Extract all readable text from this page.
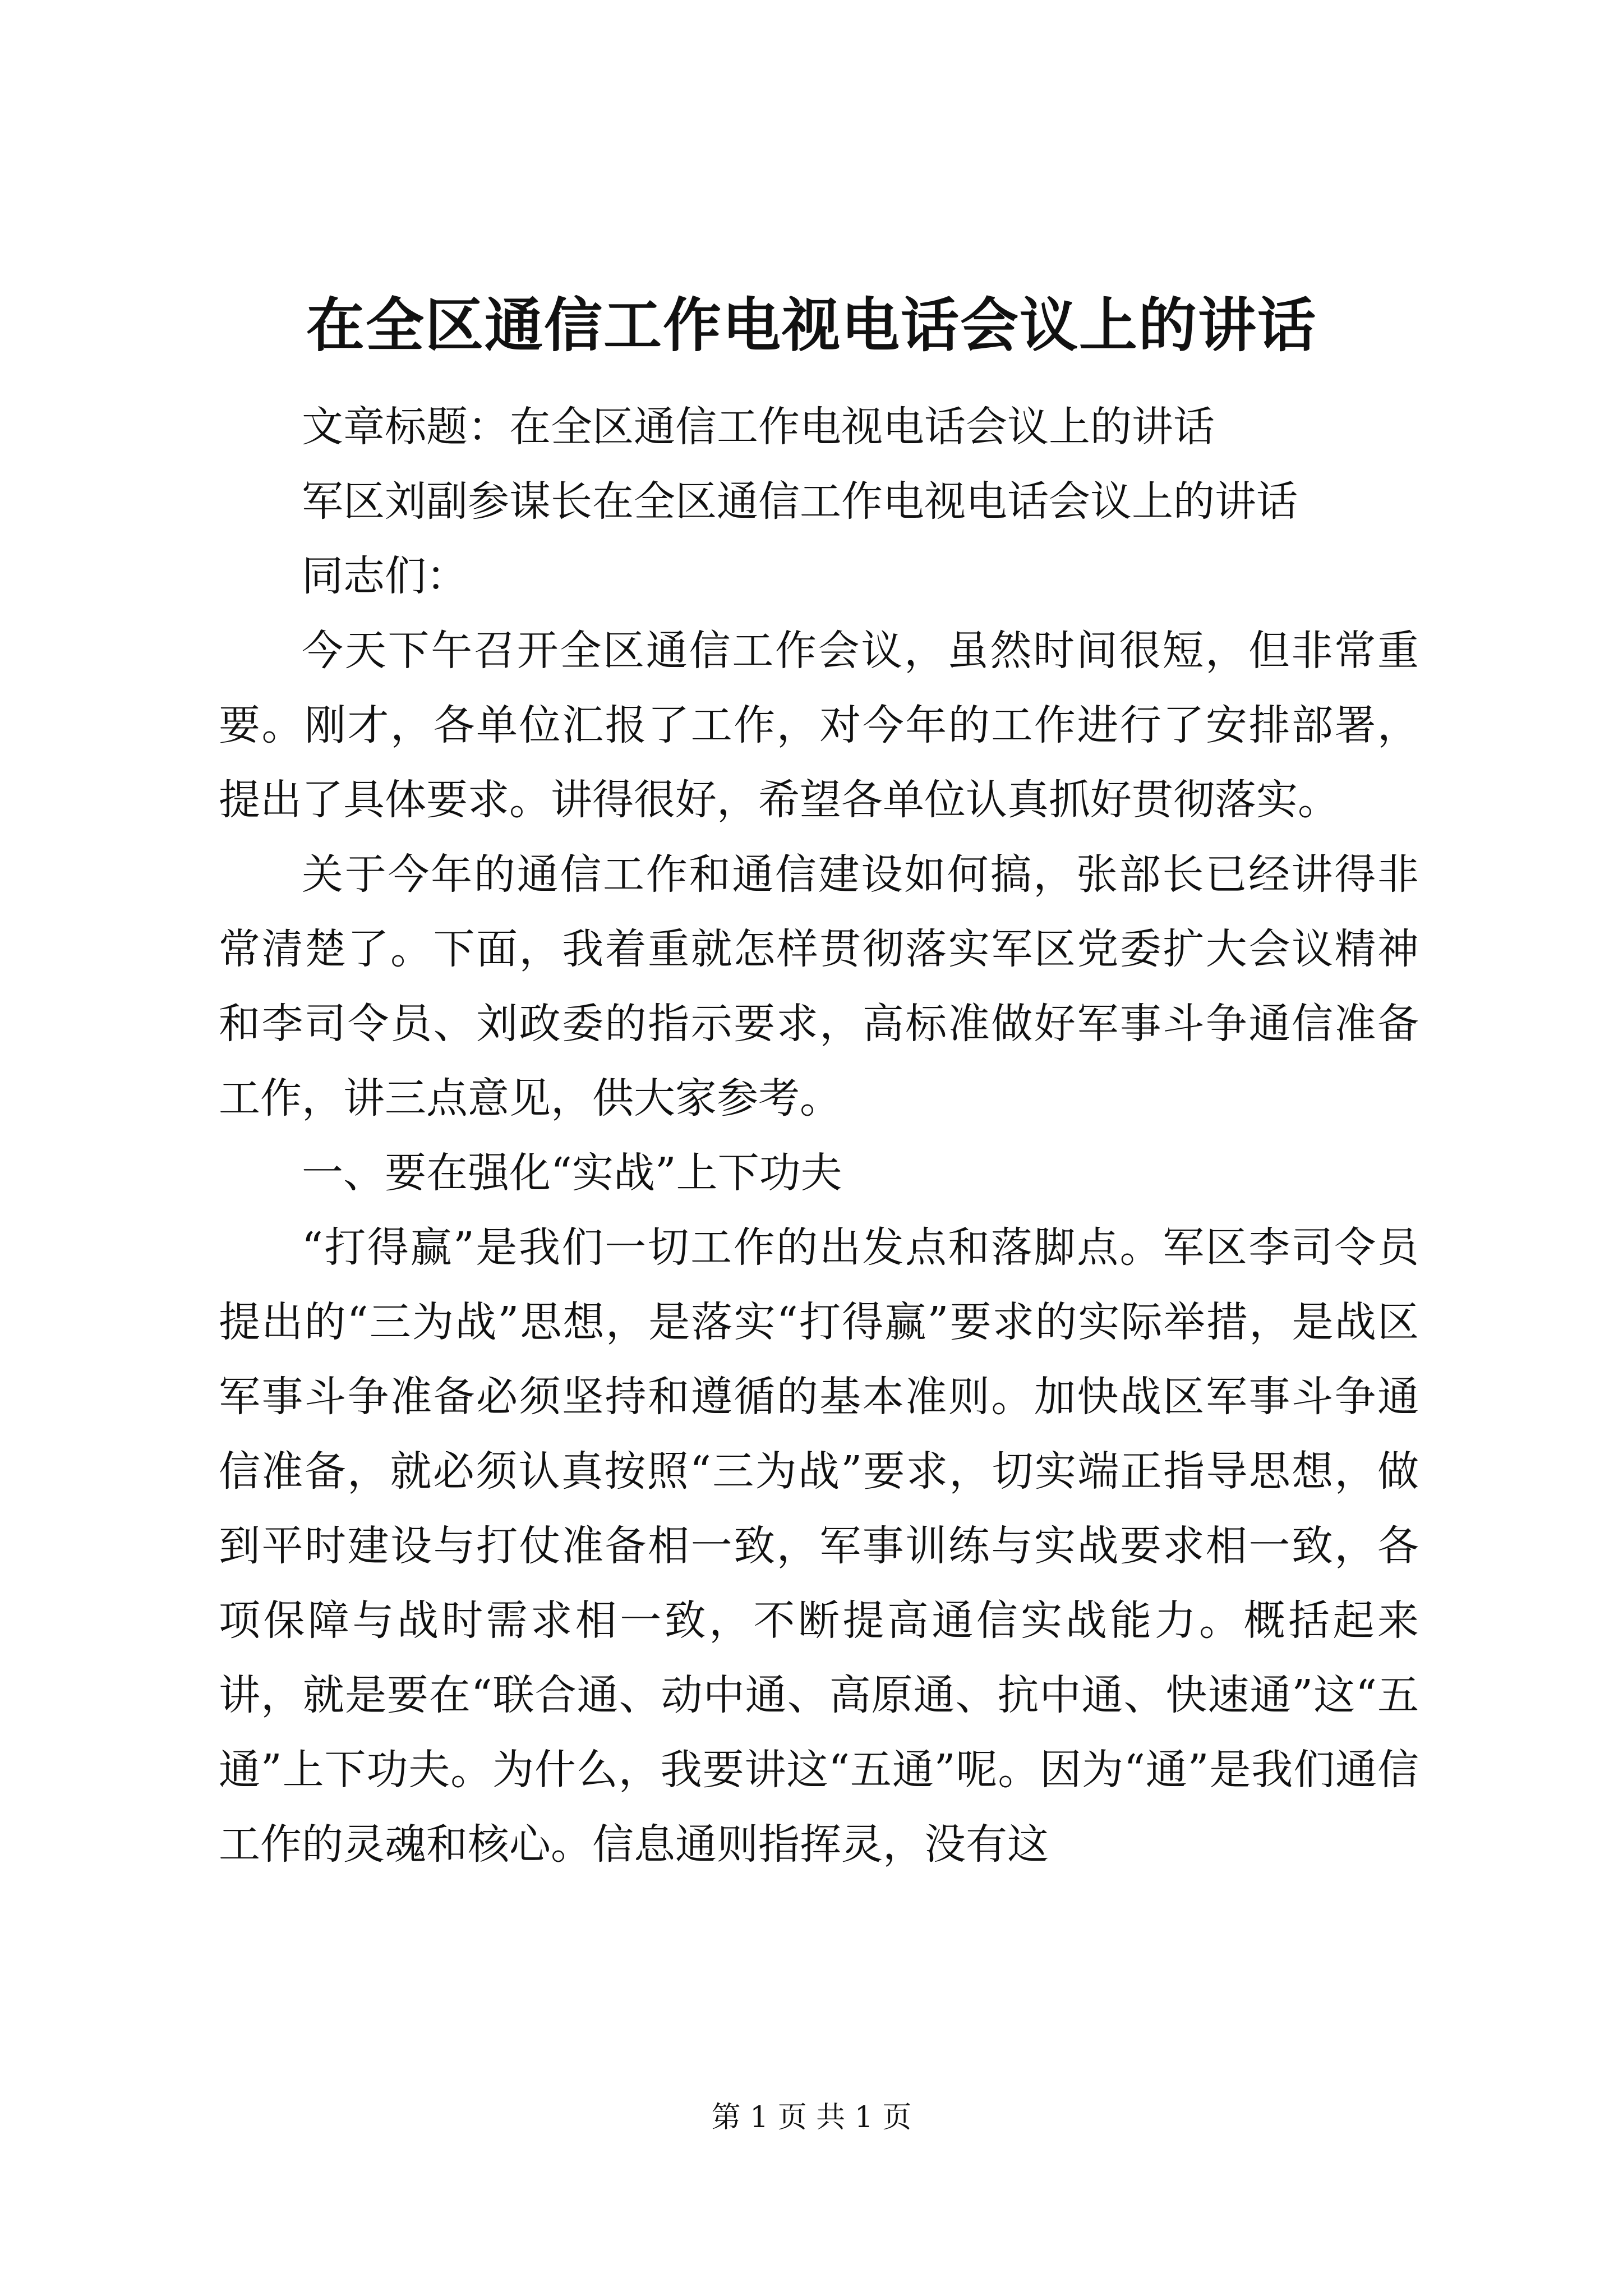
在全区通信工作电视电话会议上的讲话

文章标题：在全区通信工作电视电话会议上的讲话

军区刘副参谋长在全区通信工作电视电话会议上的讲话

同志们：

今天下午召开全区通信工作会议，虽然时间很短，但非常重要。刚才，各单位汇报了工作，对今年的工作进行了安排部署，提出了具体要求。讲得很好，希望各单位认真抓好贯彻落实。

关于今年的通信工作和通信建设如何搞，张部长已经讲得非常清楚了。下面，我着重就怎样贯彻落实军区党委扩大会议精神和李司令员、刘政委的指示要求，高标准做好军事斗争通信准备工作，讲三点意见，供大家参考。

一、要在强化“实战”上下功夫

“打得赢”是我们一切工作的出发点和落脚点。军区李司令员提出的“三为战”思想，是落实“打得赢”要求的实际举措，是战区军事斗争准备必须坚持和遵循的基本准则。加快战区军事斗争通信准备，就必须认真按照“三为战”要求，切实端正指导思想，做到平时建设与打仗准备相一致，军事训练与实战要求相一致，各项保障与战时需求相一致，不断提高通信实战能力。概括起来讲，就是要在“联合通、动中通、高原通、抗中通、快速通”这“五通”上下功夫。为什么，我要讲这“五通”呢。因为“通”是我们通信工作的灵魂和核心。信息通则指挥灵，没有这

第 1 页 共 1 页
